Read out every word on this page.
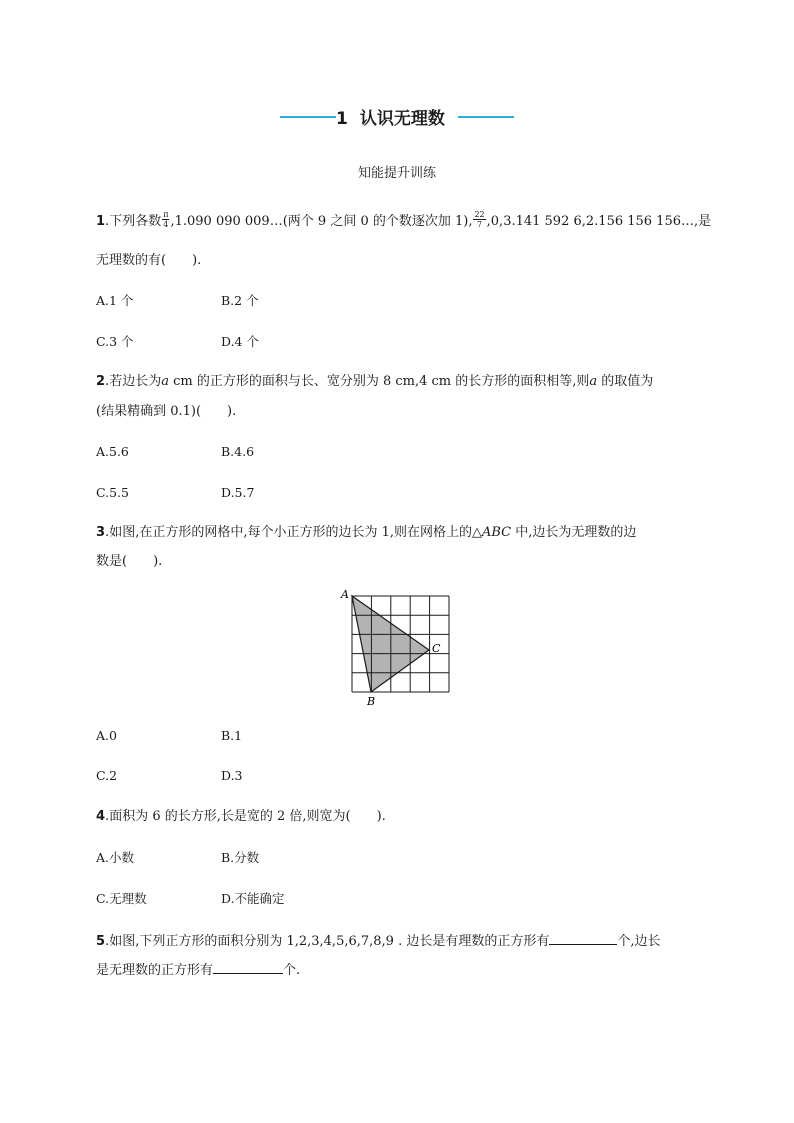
1 认识无理数
知能提升训练
1.下列各数 $\frac{\pi}{4} ,1.090$ 090 009…(两个 9 之间 0 的个数逐次加 1), $\frac{22}{7} ,0,3.141$ 592 6,2.156 156 156…,是
无理数的有(　　).
A.1 个	B.2 个
C.3 个	D.4 个
2.若边长为a cm 的正方形的面积与长、宽分别为 8 cm,4 cm 的长方形的面积相等,则a 的取值为
(结果精确到 0.1)(　　).
A.5.6	B.4.6
C.5.5	D.5.7
3.如图,在正方形的网格中,每个小正方形的边长为 1,则在网格上的△ABC 中,边长为无理数的边
数是(　　).
A
B
C
A.0	B.1
C.2	D.3
4.面积为 6 的长方形,长是宽的 2 倍,则宽为(　　).
A.小数	B.分数
C.无理数	D.不能确定
5.如图,下列正方形的面积分别为 1,2,3,4,5,6,7,8,9 . 边长是有理数的正方形有	个,边长
是无理数的正方形有	个.
